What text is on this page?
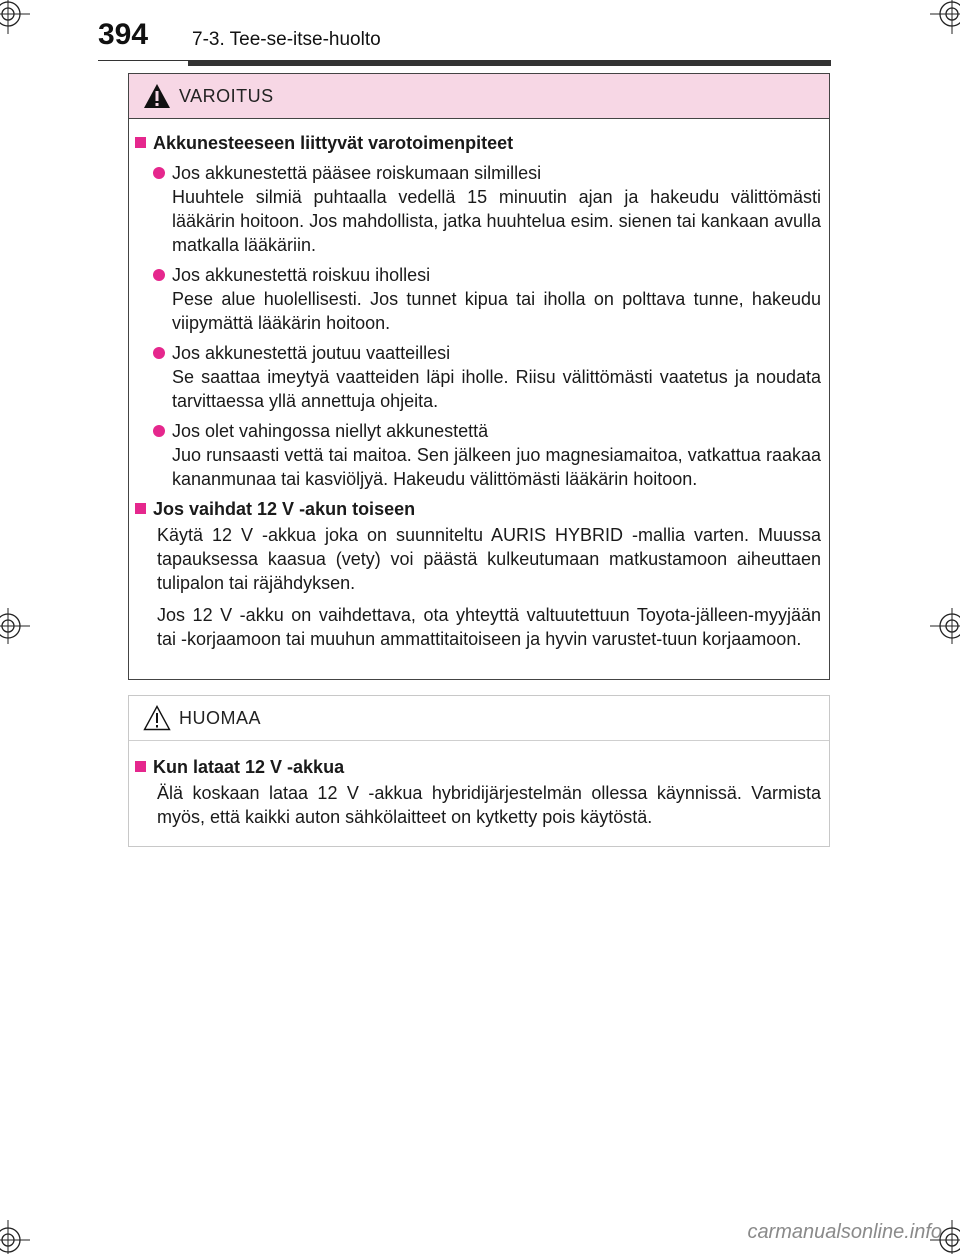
394 7-3. Tee-se-itse-huolto
VAROITUS
Akkunesteeseen liittyvät varotoimenpiteet
Jos akkunestettä pääsee roiskumaan silmillesi
Huuhtele silmiä puhtaalla vedellä 15 minuutin ajan ja hakeudu välittömästi lääkärin hoitoon. Jos mahdollista, jatka huuhtelua esim. sienen tai kankaan avulla matkalla lääkäriin.
Jos akkunestettä roiskuu ihollesi
Pese alue huolellisesti. Jos tunnet kipua tai iholla on polttava tunne, hakeudu viipymättä lääkärin hoitoon.
Jos akkunestettä joutuu vaatteillesi
Se saattaa imeytyä vaatteiden läpi iholle. Riisu välittömästi vaatetus ja noudata tarvittaessa yllä annettuja ohjeita.
Jos olet vahingossa niellyt akkunestettä
Juo runsaasti vettä tai maitoa. Sen jälkeen juo magnesiamaitoa, vatkattua raakaa kananmunaa tai kasviöljyä. Hakeudu välittömästi lääkärin hoitoon.
Jos vaihdat 12 V -akun toiseen
Käytä 12 V -akkua joka on suunniteltu AURIS HYBRID -mallia varten. Muussa tapauksessa kaasua (vety) voi päästä kulkeutumaan matkustamoon aiheuttaen tulipalon tai räjähdyksen.
Jos 12 V -akku on vaihdettava, ota yhteyttä valtuutettuun Toyota-jälleen-myyjään tai -korjaamoon tai muuhun ammattitaitoiseen ja hyvin varustet-tuun korjaamoon.
HUOMAA
Kun lataat 12 V -akkua
Älä koskaan lataa 12 V -akkua hybridijärjestelmän ollessa käynnissä. Varmista myös, että kaikki auton sähkölaitteet on kytketty pois käytöstä.
carmanualsonline.info
